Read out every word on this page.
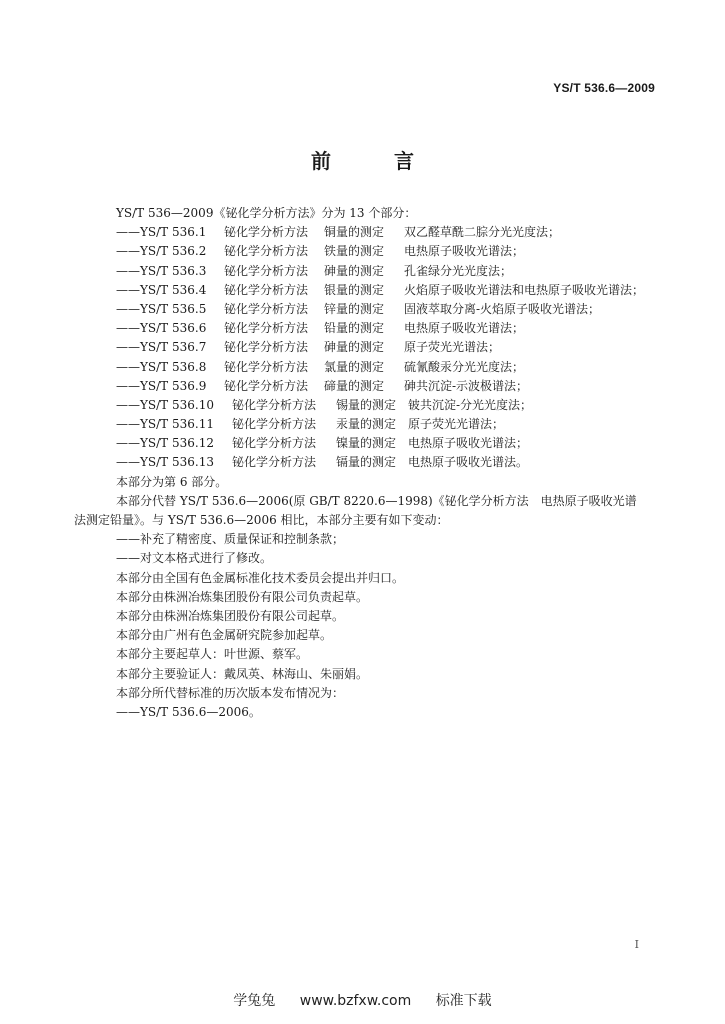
YS/T 536.6—2009
前 言
YS/T 536—2009《铋化学分析方法》分为 13 个部分：
——YS/T 536.1 铋化学分析方法 铜量的测定 双乙醛草酰二腙分光光度法；
——YS/T 536.2 铋化学分析方法 铁量的测定 电热原子吸收光谱法；
——YS/T 536.3 铋化学分析方法 砷量的测定 孔雀绿分光光度法；
——YS/T 536.4 铋化学分析方法 银量的测定 火焰原子吸收光谱法和电热原子吸收光谱法；
——YS/T 536.5 铋化学分析方法 锌量的测定 固液萃取分离-火焰原子吸收光谱法；
——YS/T 536.6 铋化学分析方法 铅量的测定 电热原子吸收光谱法；
——YS/T 536.7 铋化学分析方法 砷量的测定 原子荧光光谱法；
——YS/T 536.8 铋化学分析方法 氯量的测定 硫氰酸汞分光光度法；
——YS/T 536.9 铋化学分析方法 碲量的测定 砷共沉淀-示波极谱法；
——YS/T 536.10 铋化学分析方法 锡量的测定 铍共沉淀-分光光度法；
——YS/T 536.11 铋化学分析方法 汞量的测定 原子荧光光谱法；
——YS/T 536.12 铋化学分析方法 镍量的测定 电热原子吸收光谱法；
——YS/T 536.13 铋化学分析方法 镉量的测定 电热原子吸收光谱法。
本部分为第 6 部分。
本部分代替 YS/T 536.6—2006(原 GB/T 8220.6—1998)《铋化学分析方法　电热原子吸收光谱
法测定铅量》。与 YS/T 536.6—2006 相比，本部分主要有如下变动：
——补充了精密度、质量保证和控制条款；
——对文本格式进行了修改。
本部分由全国有色金属标准化技术委员会提出并归口。
本部分由株洲冶炼集团股份有限公司负责起草。
本部分由株洲冶炼集团股份有限公司起草。
本部分由广州有色金属研究院参加起草。
本部分主要起草人：叶世源、蔡军。
本部分主要验证人：戴凤英、林海山、朱丽娟。
本部分所代替标准的历次版本发布情况为：
——YS/T 536.6—2006。
I
学兔兔 www.bzfxw.com 标准下载
